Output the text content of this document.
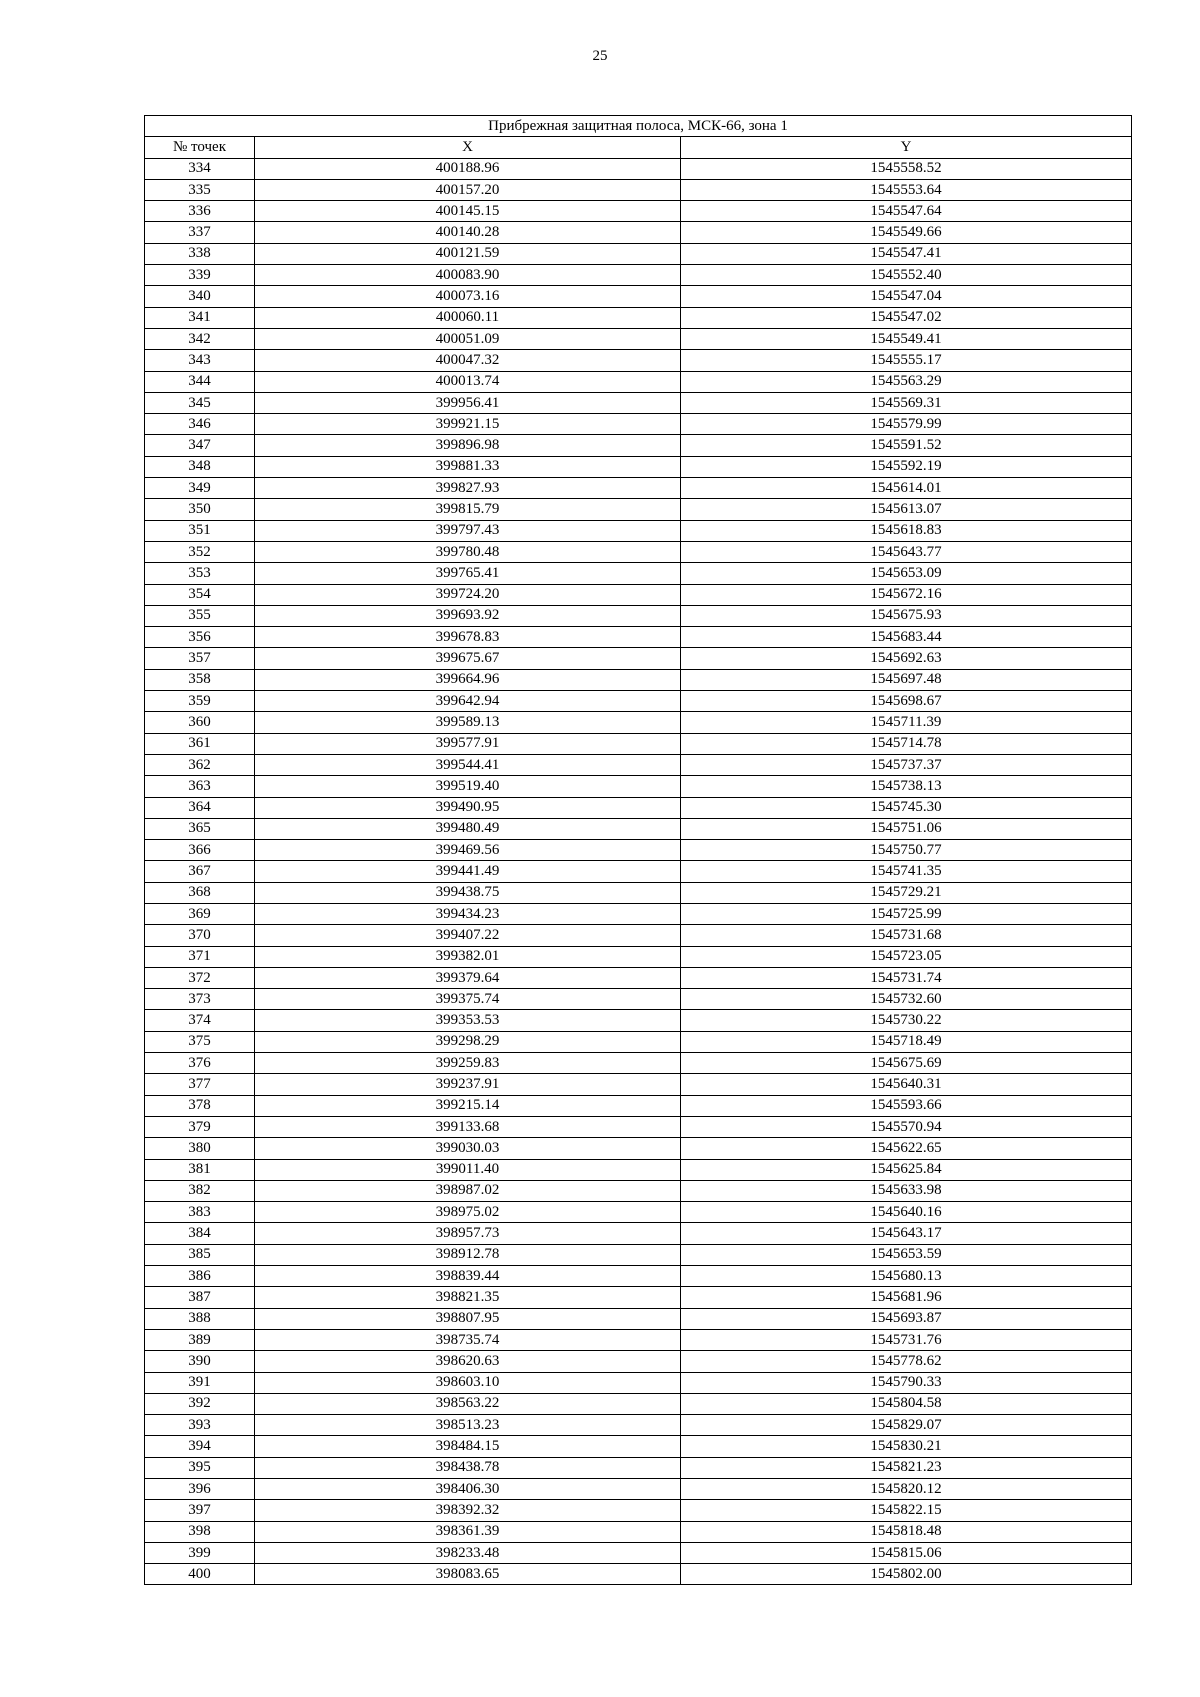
25
Прибрежная защитная полоса, МСК-66, зона 1		
№ точек	X	Y
334	400188.96	1545558.52
335	400157.20	1545553.64
336	400145.15	1545547.64
337	400140.28	1545549.66
338	400121.59	1545547.41
339	400083.90	1545552.40
340	400073.16	1545547.04
341	400060.11	1545547.02
342	400051.09	1545549.41
343	400047.32	1545555.17
344	400013.74	1545563.29
345	399956.41	1545569.31
346	399921.15	1545579.99
347	399896.98	1545591.52
348	399881.33	1545592.19
349	399827.93	1545614.01
350	399815.79	1545613.07
351	399797.43	1545618.83
352	399780.48	1545643.77
353	399765.41	1545653.09
354	399724.20	1545672.16
355	399693.92	1545675.93
356	399678.83	1545683.44
357	399675.67	1545692.63
358	399664.96	1545697.48
359	399642.94	1545698.67
360	399589.13	1545711.39
361	399577.91	1545714.78
362	399544.41	1545737.37
363	399519.40	1545738.13
364	399490.95	1545745.30
365	399480.49	1545751.06
366	399469.56	1545750.77
367	399441.49	1545741.35
368	399438.75	1545729.21
369	399434.23	1545725.99
370	399407.22	1545731.68
371	399382.01	1545723.05
372	399379.64	1545731.74
373	399375.74	1545732.60
374	399353.53	1545730.22
375	399298.29	1545718.49
376	399259.83	1545675.69
377	399237.91	1545640.31
378	399215.14	1545593.66
379	399133.68	1545570.94
380	399030.03	1545622.65
381	399011.40	1545625.84
382	398987.02	1545633.98
383	398975.02	1545640.16
384	398957.73	1545643.17
385	398912.78	1545653.59
386	398839.44	1545680.13
387	398821.35	1545681.96
388	398807.95	1545693.87
389	398735.74	1545731.76
390	398620.63	1545778.62
391	398603.10	1545790.33
392	398563.22	1545804.58
393	398513.23	1545829.07
394	398484.15	1545830.21
395	398438.78	1545821.23
396	398406.30	1545820.12
397	398392.32	1545822.15
398	398361.39	1545818.48
399	398233.48	1545815.06
400	398083.65	1545802.00
